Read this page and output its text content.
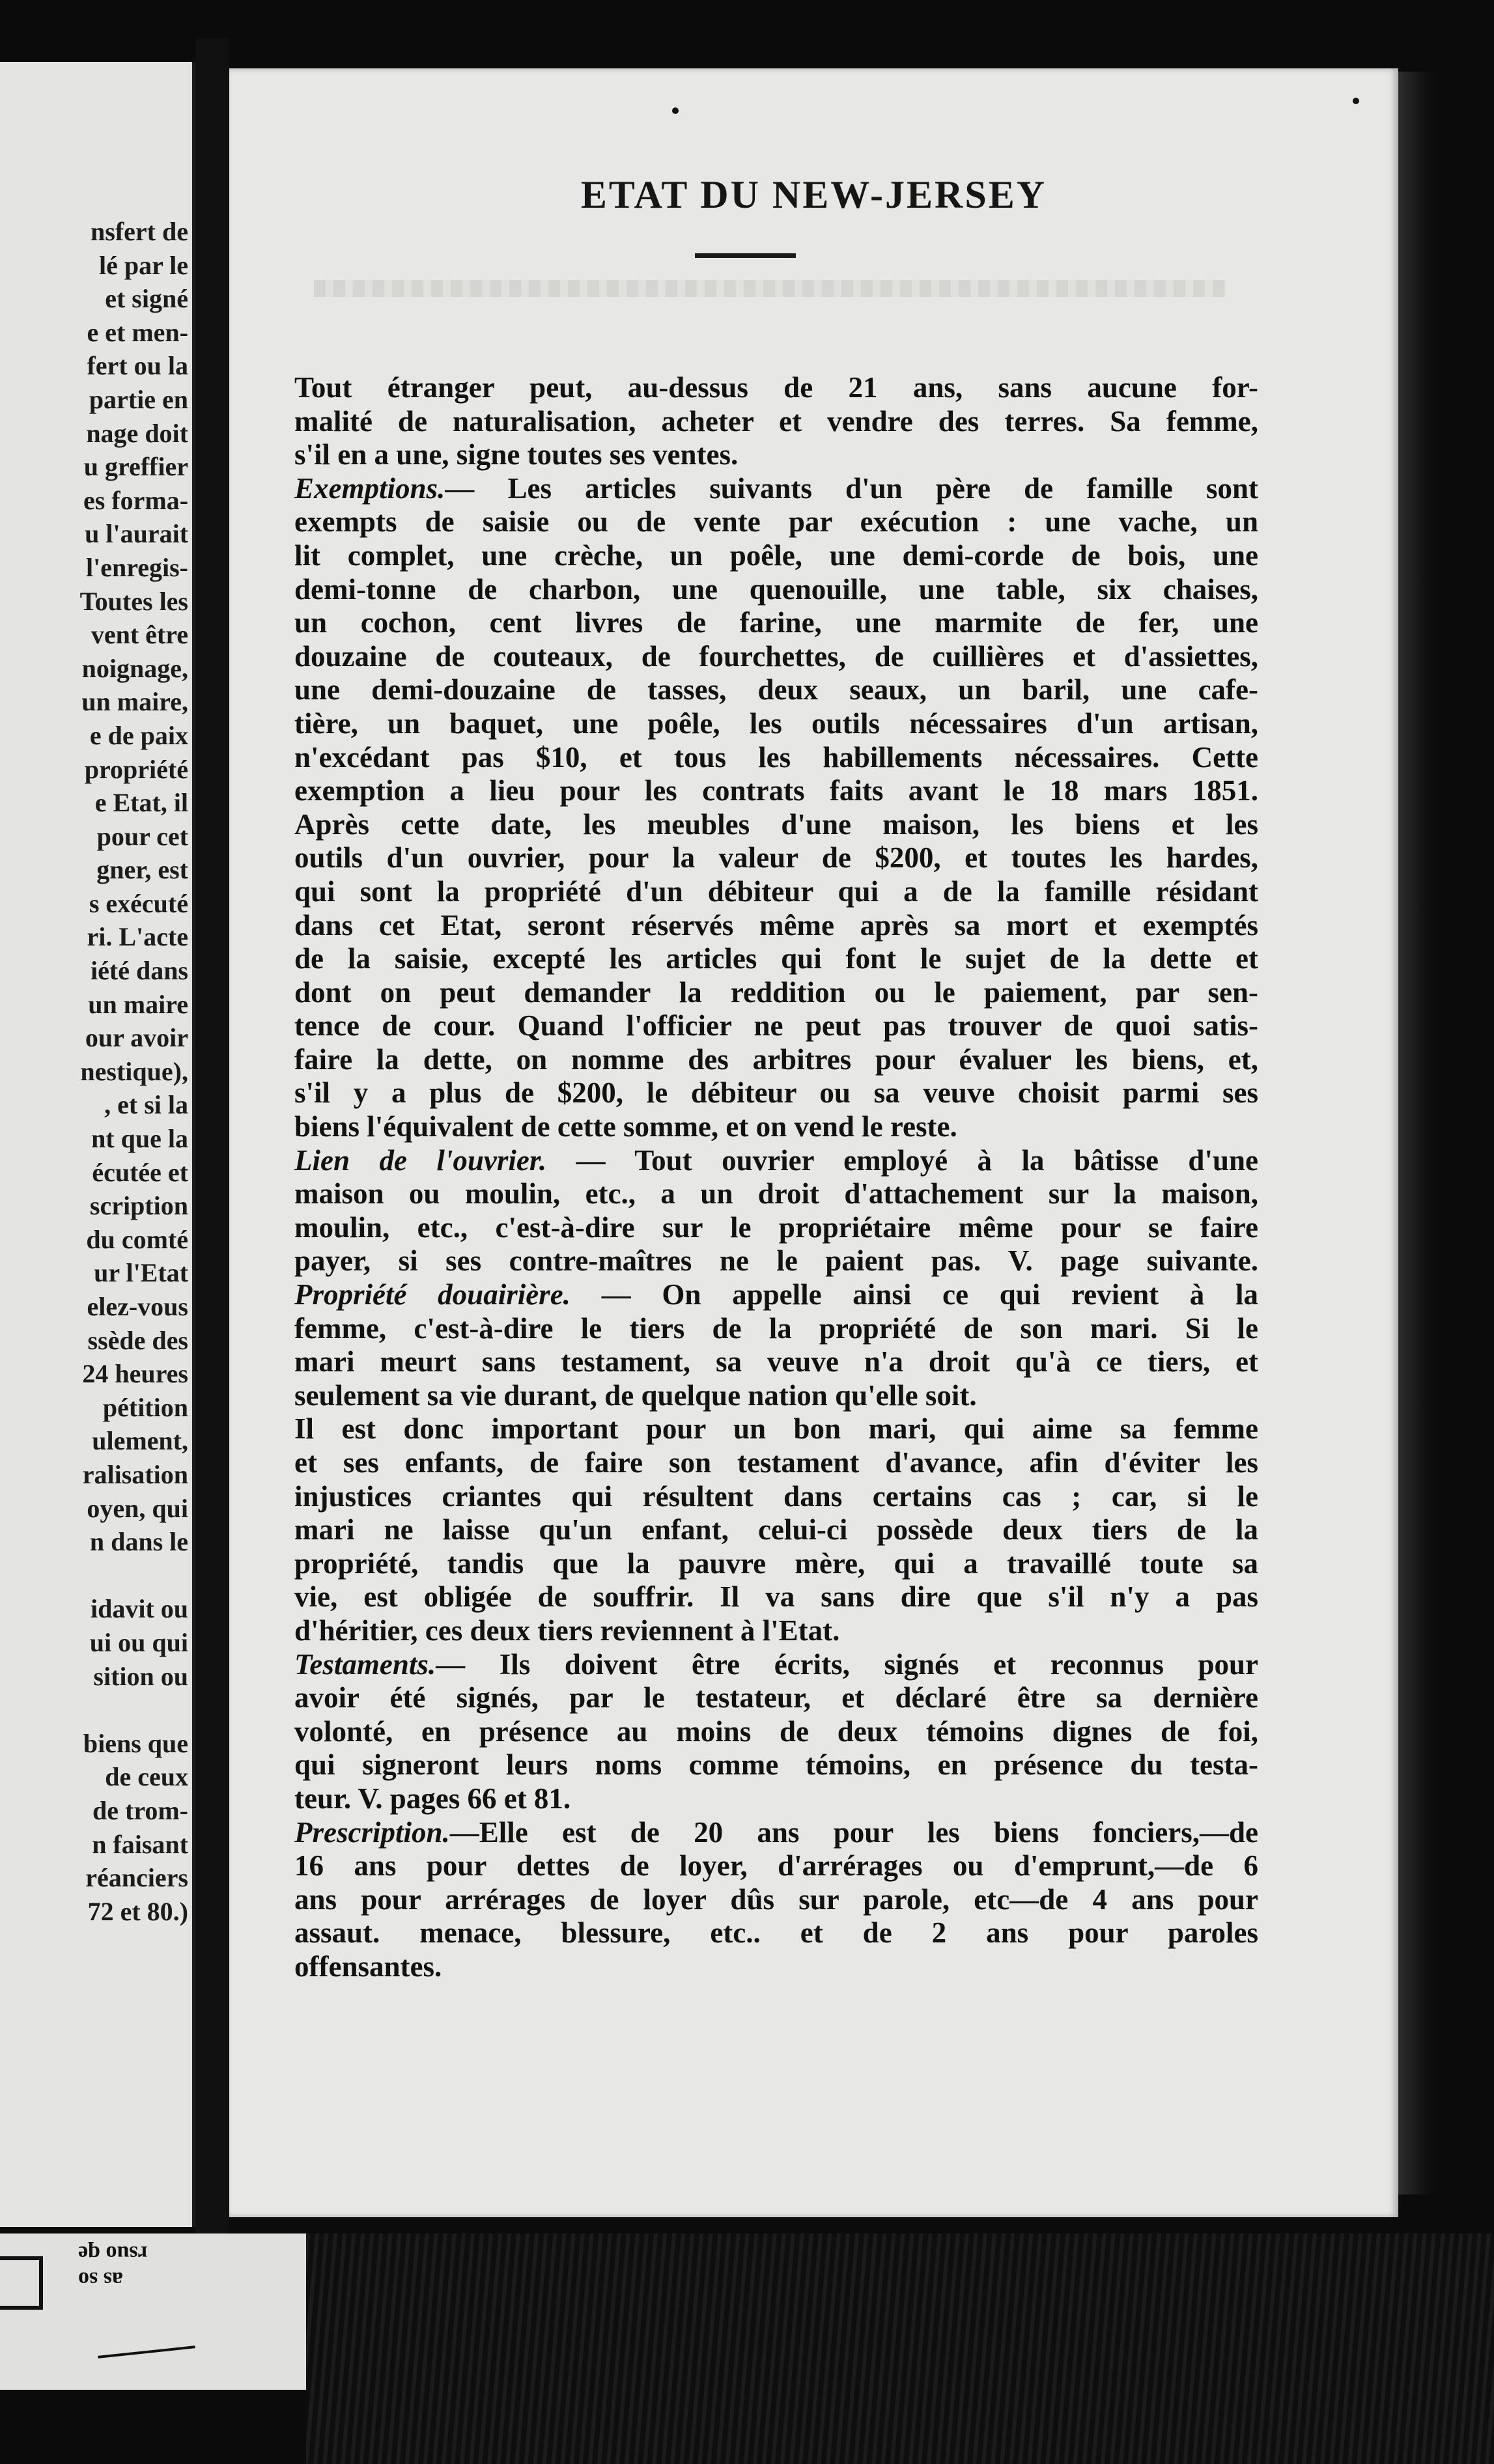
nsfert de
lé par le
et signé
e et men-
fert ou la
partie en
nage doit
u greffier
es forma-
u l'aurait
l'enregis-
Toutes les
vent être
noignage,
un maire,
e de paix
propriété
e Etat, il
pour cet
gner, est
s exécuté
ri. L'acte
iété dans
un maire
our avoir
nestique),
, et si la
nt que la
écutée et
scription
du comté
ur l'Etat
elez-vous
ssède des
24 heures
pétition
ulement,
ralisation
oyen, qui
n dans le
idavit ou
ui ou qui
sition ou
biens que
de ceux
de trom-
n faisant
réanciers
72 et 80.)
ETAT DU NEW-JERSEY
Tout étranger peut, au-dessus de 21 ans, sans aucune for-
malité de naturalisation, acheter et vendre des terres. Sa femme,
s'il en a une, signe toutes ses ventes.
Exemptions.— Les articles suivants d'un père de famille sont
exempts de saisie ou de vente par exécution : une vache, un
lit complet, une crèche, un poêle, une demi-corde de bois, une
demi-tonne de charbon, une quenouille, une table, six chaises,
un cochon, cent livres de farine, une marmite de fer, une
douzaine de couteaux, de fourchettes, de cuillières et d'assiettes,
une demi-douzaine de tasses, deux seaux, un baril, une cafe-
tière, un baquet, une poêle, les outils nécessaires d'un artisan,
n'excédant pas $10, et tous les habillements nécessaires. Cette
exemption a lieu pour les contrats faits avant le 18 mars 1851.
Après cette date, les meubles d'une maison, les biens et les
outils d'un ouvrier, pour la valeur de $200, et toutes les hardes,
qui sont la propriété d'un débiteur qui a de la famille résidant
dans cet Etat, seront réservés même après sa mort et exemptés
de la saisie, excepté les articles qui font le sujet de la dette et
dont on peut demander la reddition ou le paiement, par sen-
tence de cour. Quand l'officier ne peut pas trouver de quoi satis-
faire la dette, on nomme des arbitres pour évaluer les biens, et,
s'il y a plus de $200, le débiteur ou sa veuve choisit parmi ses
biens l'équivalent de cette somme, et on vend le reste.
Lien de l'ouvrier. — Tout ouvrier employé à la bâtisse d'une
maison ou moulin, etc., a un droit d'attachement sur la maison,
moulin, etc., c'est-à-dire sur le propriétaire même pour se faire
payer, si ses contre-maîtres ne le paient pas. V. page suivante.
Propriété douairière. — On appelle ainsi ce qui revient à la
femme, c'est-à-dire le tiers de la propriété de son mari. Si le
mari meurt sans testament, sa veuve n'a droit qu'à ce tiers, et
seulement sa vie durant, de quelque nation qu'elle soit.
Il est donc important pour un bon mari, qui aime sa femme
et ses enfants, de faire son testament d'avance, afin d'éviter les
injustices criantes qui résultent dans certains cas ; car, si le
mari ne laisse qu'un enfant, celui-ci possède deux tiers de la
propriété, tandis que la pauvre mère, qui a travaillé toute sa
vie, est obligée de souffrir. Il va sans dire que s'il n'y a pas
d'héritier, ces deux tiers reviennent à l'Etat.
Testaments.— Ils doivent être écrits, signés et reconnus pour
avoir été signés, par le testateur, et déclaré être sa dernière
volonté, en présence au moins de deux témoins dignes de foi,
qui signeront leurs noms comme témoins, en présence du testa-
teur. V. pages 66 et 81.
Prescription.—Elle est de 20 ans pour les biens fonciers,—de
16 ans pour dettes de loyer, d'arrérages ou d'emprunt,—de 6
ans pour arrérages de loyer dûs sur parole, etc—de 4 ans pour
assaut. menace, blessure, etc.. et de 2 ans pour paroles
offensantes.
as so
rsuo qe
